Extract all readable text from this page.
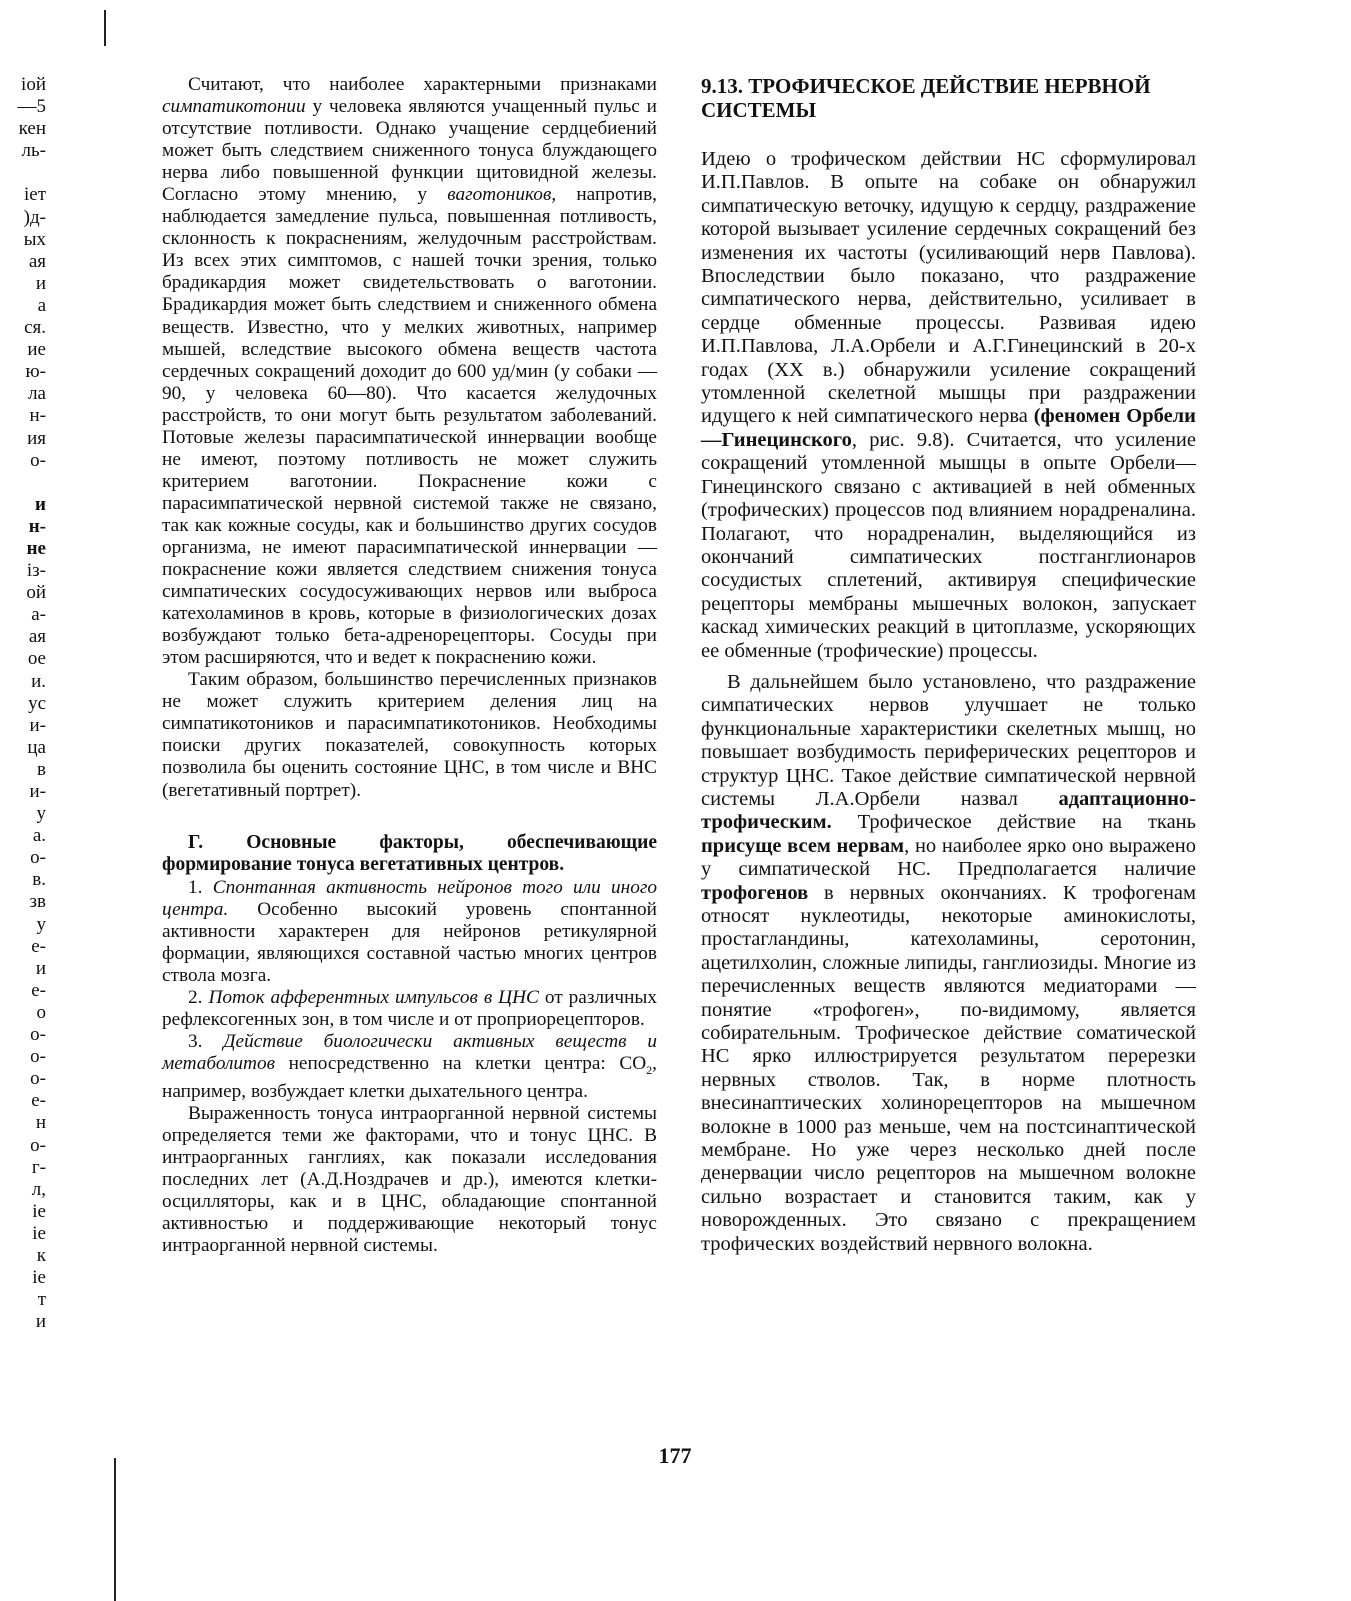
іой
—5
кен
ль-
іет
)д-
ых
ая
и
а
ся.
ие
ю-
ла
н-
ия
о-
и
н-
не
із-
ой
а-
ая
ое
и.
ус
и-
ца
в
и-
у
а.
о-
в.
зв
у
е-
и
е-
о
о-
о-
о-
е-
н
о-
г-
л,
іе
іе
к
іе
т
и

Считают, что наиболее характерными признаками симпатикотонии у человека являются учащенный пульс и отсутствие потливости. Однако учащение сердцебиений может быть следствием сниженного тонуса блуждающего нерва либо повышенной функции щитовидной железы. Согласно этому мнению, у ваготоников, напротив, наблюдается замедление пульса, повышенная потливость, склонность к покраснениям, желудочным расстройствам. Из всех этих симптомов, с нашей точки зрения, только брадикардия может свидетельствовать о ваготонии. Брадикардия может быть следствием и сниженного обмена веществ. Известно, что у мелких животных, например мышей, вследствие высокого обмена веществ частота сердечных сокращений доходит до 600 уд/мин (у собаки — 90, у человека 60—80). Что касается желудочных расстройств, то они могут быть результатом заболеваний. Потовые железы парасимпатической иннервации вообще не имеют, поэтому потливость не может служить критерием ваготонии. Покраснение кожи с парасимпатической нервной системой также не связано, так как кожные сосуды, как и большинство других сосудов организма, не имеют парасимпатической иннервации — покраснение кожи является следствием снижения тонуса симпатических сосудосуживающих нервов или выброса катехоламинов в кровь, которые в физиологических дозах возбуждают только бета-адренорецепторы. Сосуды при этом расширяются, что и ведет к покраснению кожи.

Таким образом, большинство перечисленных признаков не может служить критерием деления лиц на симпатикотоников и парасимпатикотоников. Необходимы поиски других показателей, совокупность которых позволила бы оценить состояние ЦНС, в том числе и ВНС (вегетативный портрет).

Г. Основные факторы, обеспечивающие формирование тонуса вегетативных центров.

1. Спонтанная активность нейронов того или иного центра. Особенно высокий уровень спонтанной активности характерен для нейронов ретикулярной формации, являющихся составной частью многих центров ствола мозга.

2. Поток афферентных импульсов в ЦНС от различных рефлексогенных зон, в том числе и от проприорецепторов.

3. Действие биологически активных веществ и метаболитов непосредственно на клетки центра: $СО_2$, например, возбуждает клетки дыхательного центра.

Выраженность тонуса интраорганной нервной системы определяется теми же факторами, что и тонус ЦНС. В интраорганных ганглиях, как показали исследования последних лет (А.Д.Ноздрачев и др.), имеются клетки-осцилляторы, как и в ЦНС, обладающие спонтанной активностью и поддерживающие некоторый тонус интраорганной нервной системы.

9.13. ТРОФИЧЕСКОЕ ДЕЙСТВИЕ НЕРВНОЙ СИСТЕМЫ

Идею о трофическом действии НС сформулировал И.П.Павлов. В опыте на собаке он обнаружил симпатическую веточку, идущую к сердцу, раздражение которой вызывает усиление сердечных сокращений без изменения их частоты (усиливающий нерв Павлова). Впоследствии было показано, что раздражение симпатического нерва, действительно, усиливает в сердце обменные процессы. Развивая идею И.П.Павлова, Л.А.Орбели и А.Г.Гинецинский в 20-х годах (XX в.) обнаружили усиление сокращений утомленной скелетной мышцы при раздражении идущего к ней симпатического нерва (феномен Орбели—Гинецинского, рис. 9.8). Считается, что усиление сокращений утомленной мышцы в опыте Орбели—Гинецинского связано с активацией в ней обменных (трофических) процессов под влиянием норадреналина. Полагают, что норадреналин, выделяющийся из окончаний симпатических постганглионаров сосудистых сплетений, активируя специфические рецепторы мембраны мышечных волокон, запускает каскад химических реакций в цитоплазме, ускоряющих ее обменные (трофические) процессы.

В дальнейшем было установлено, что раздражение симпатических нервов улучшает не только функциональные характеристики скелетных мышц, но повышает возбудимость периферических рецепторов и структур ЦНС. Такое действие симпатической нервной системы Л.А.Орбели назвал адаптационно-трофическим. Трофическое действие на ткань присуще всем нервам, но наиболее ярко оно выражено у симпатической НС. Предполагается наличие трофогенов в нервных окончаниях. К трофогенам относят нуклеотиды, некоторые аминокислоты, простагландины, катехоламины, серотонин, ацетилхолин, сложные липиды, ганглиозиды. Многие из перечисленных веществ являются медиаторами — понятие «трофоген», по-видимому, является собирательным. Трофическое действие соматической НС ярко иллюстрируется результатом перерезки нервных стволов. Так, в норме плотность внесинаптических холинорецепторов на мышечном волокне в 1000 раз меньше, чем на постсинаптической мембране. Но уже через несколько дней после денервации число рецепторов на мышечном волокне сильно возрастает и становится таким, как у новорожденных. Это связано с прекращением трофических воздействий нервного волокна.

177
